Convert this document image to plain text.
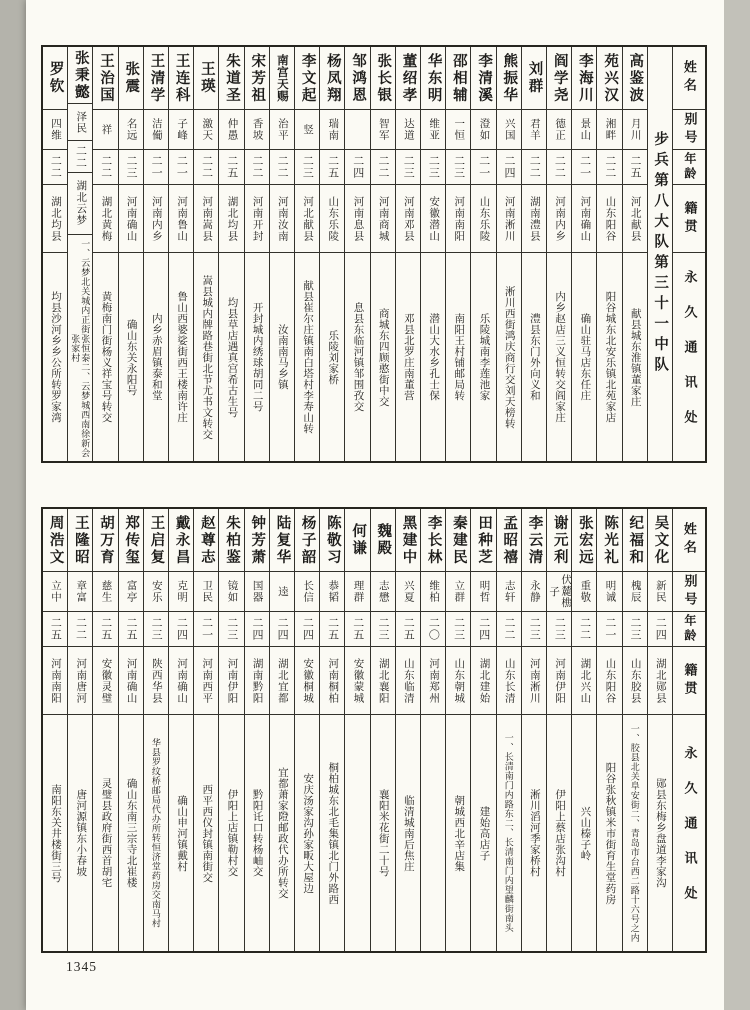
姓名
别号
年龄
籍贯
永久通讯处
步兵第八大队第三十一中队
高鉴波
月川
二五
河北献县
献县城东淮镇董家庄
苑兴汉
湘畔
二二
山东阳谷
阳谷城东北安乐镇北苑家店
李海川
景山
二一
河南确山
确山驻马店东任庄
阎学尧
德正
二二
河南内乡
内乡赵店三义恒转交阎家庄
刘群
君羊
二二
湖南澧县
澧县东门外向义和
熊振华
兴国
二四
河南淅川
淅川西街鸿庆商行交刘天榜转
李清溪
澄如
二一
山东乐陵
乐陵城南李莲池家
邵相辅
一恒
二三
河南南阳
南阳王村铺邮局转
华东明
维亚
二三
安徽潜山
潜山大水乡孔士保
董绍孝
达道
二三
河南邓县
邓县北罗庄南董营
张长银
智军
二二
河南商城
商城东四顾憨街中交
邹鸿恩
二四
河南息县
息县东临河镇邹围孜交
杨凤翔
瑞南
二五
山东乐陵
乐陵刘家桥
李文起
竖
二三
河北献县
献县崔尔庄镇南白塔村李寿山转
南宫天赐
治平
二二
河南汝南
汝南南马乡镇
宋芳祖
香坡
二二
河南开封
开封城内绣球胡同二号
朱道圣
仲愚
二五
湖北均县
均县草店遇真宫希古生号
王瑛
激天
二二
河南嵩县
嵩县城内牌路巷街北节尤书文转交
王连科
子峰
二一
河南鲁山
鲁山西婆娑街西王楼南许庄
王清学
洁僃
二一
河南内乡
内乡赤眉镇泰和堂
张震
名远
二三
河南确山
确山东关永阳号
王治国
祥
二二
湖北黄梅
黄梅南门街杨义祥宝号转交
张秉懿
泽民
二二
湖北云梦
一、云梦北关城内正街张恒泰二、云梦城西南徐新会张家村
罗钦
四维
二二
湖北均县
均县沙河乡乡公所转罗家湾
姓名
别号
年龄
籍贯
永久通讯处
吴文化
新民
二四
湖北郧县
郧县东梅乡盘道李家沟
纪福和
槐辰
二三
山东胶县
一、胶县北关阜安街二、青岛市台西二路十六号之内
陈光礼
明诚
二一
山东阳谷
阳谷张秋镇米市街育生堂药房
张宏远
重敬
二二
湖北兴山
兴山榛子岭
谢元利
伏麓樵子
二三
河南伊阳
伊阳上蔡店张沟村
李云清
永静
二三
河南淅川
淅川滔河季家桥村
孟昭禧
志轩
二二
山东长清
一、长清南门内路东二、长清南门内望麟街南头
田种芝
明哲
二四
湖北建始
建始高店子
秦建民
立群
二三
山东朝城
朝城西北辛店集
李长林
维柏
二〇
河南郑州
黑建中
兴夏
二五
山东临清
临清城南后焦庄
魏殿
志懋
二三
湖北襄阳
襄阳米花街二十号
何谦
理群
二五
安徽蒙城
陈敬习
恭韬
二五
河南桐柏
桐柏城东北毛集镇北门外路西
杨子韶
长信
二四
安徽桐城
安庆汤家沟孙家畈大屋边
陆复华
逵
二四
湖北宜都
宜都萧家隥邮政代办所转交
钟芳萧
国器
二四
湖南黔阳
黔阳讬口转杨岫交
朱柏鉴
镜如
二三
河南伊阳
伊阳上店镇勒村交
赵尊志
卫民
二一
河南西平
西平西仪封镇南街交
戴永昌
克明
二四
河南确山
确山申河镇戴村
王启复
安乐
二三
陕西华县
华县罗纹桥邮局代办所转恒济堂药房交南马村
郑传玺
富亭
二五
河南确山
确山东南三宗寺北崔楼
胡万育
慈生
二五
安徽灵璧
灵璧县政府街西首胡宅
王隆昭
章富
二二
河南唐河
唐河源镇东小春坡
周浩文
立中
二五
河南南阳
南阳东关井楼街三号
1345
